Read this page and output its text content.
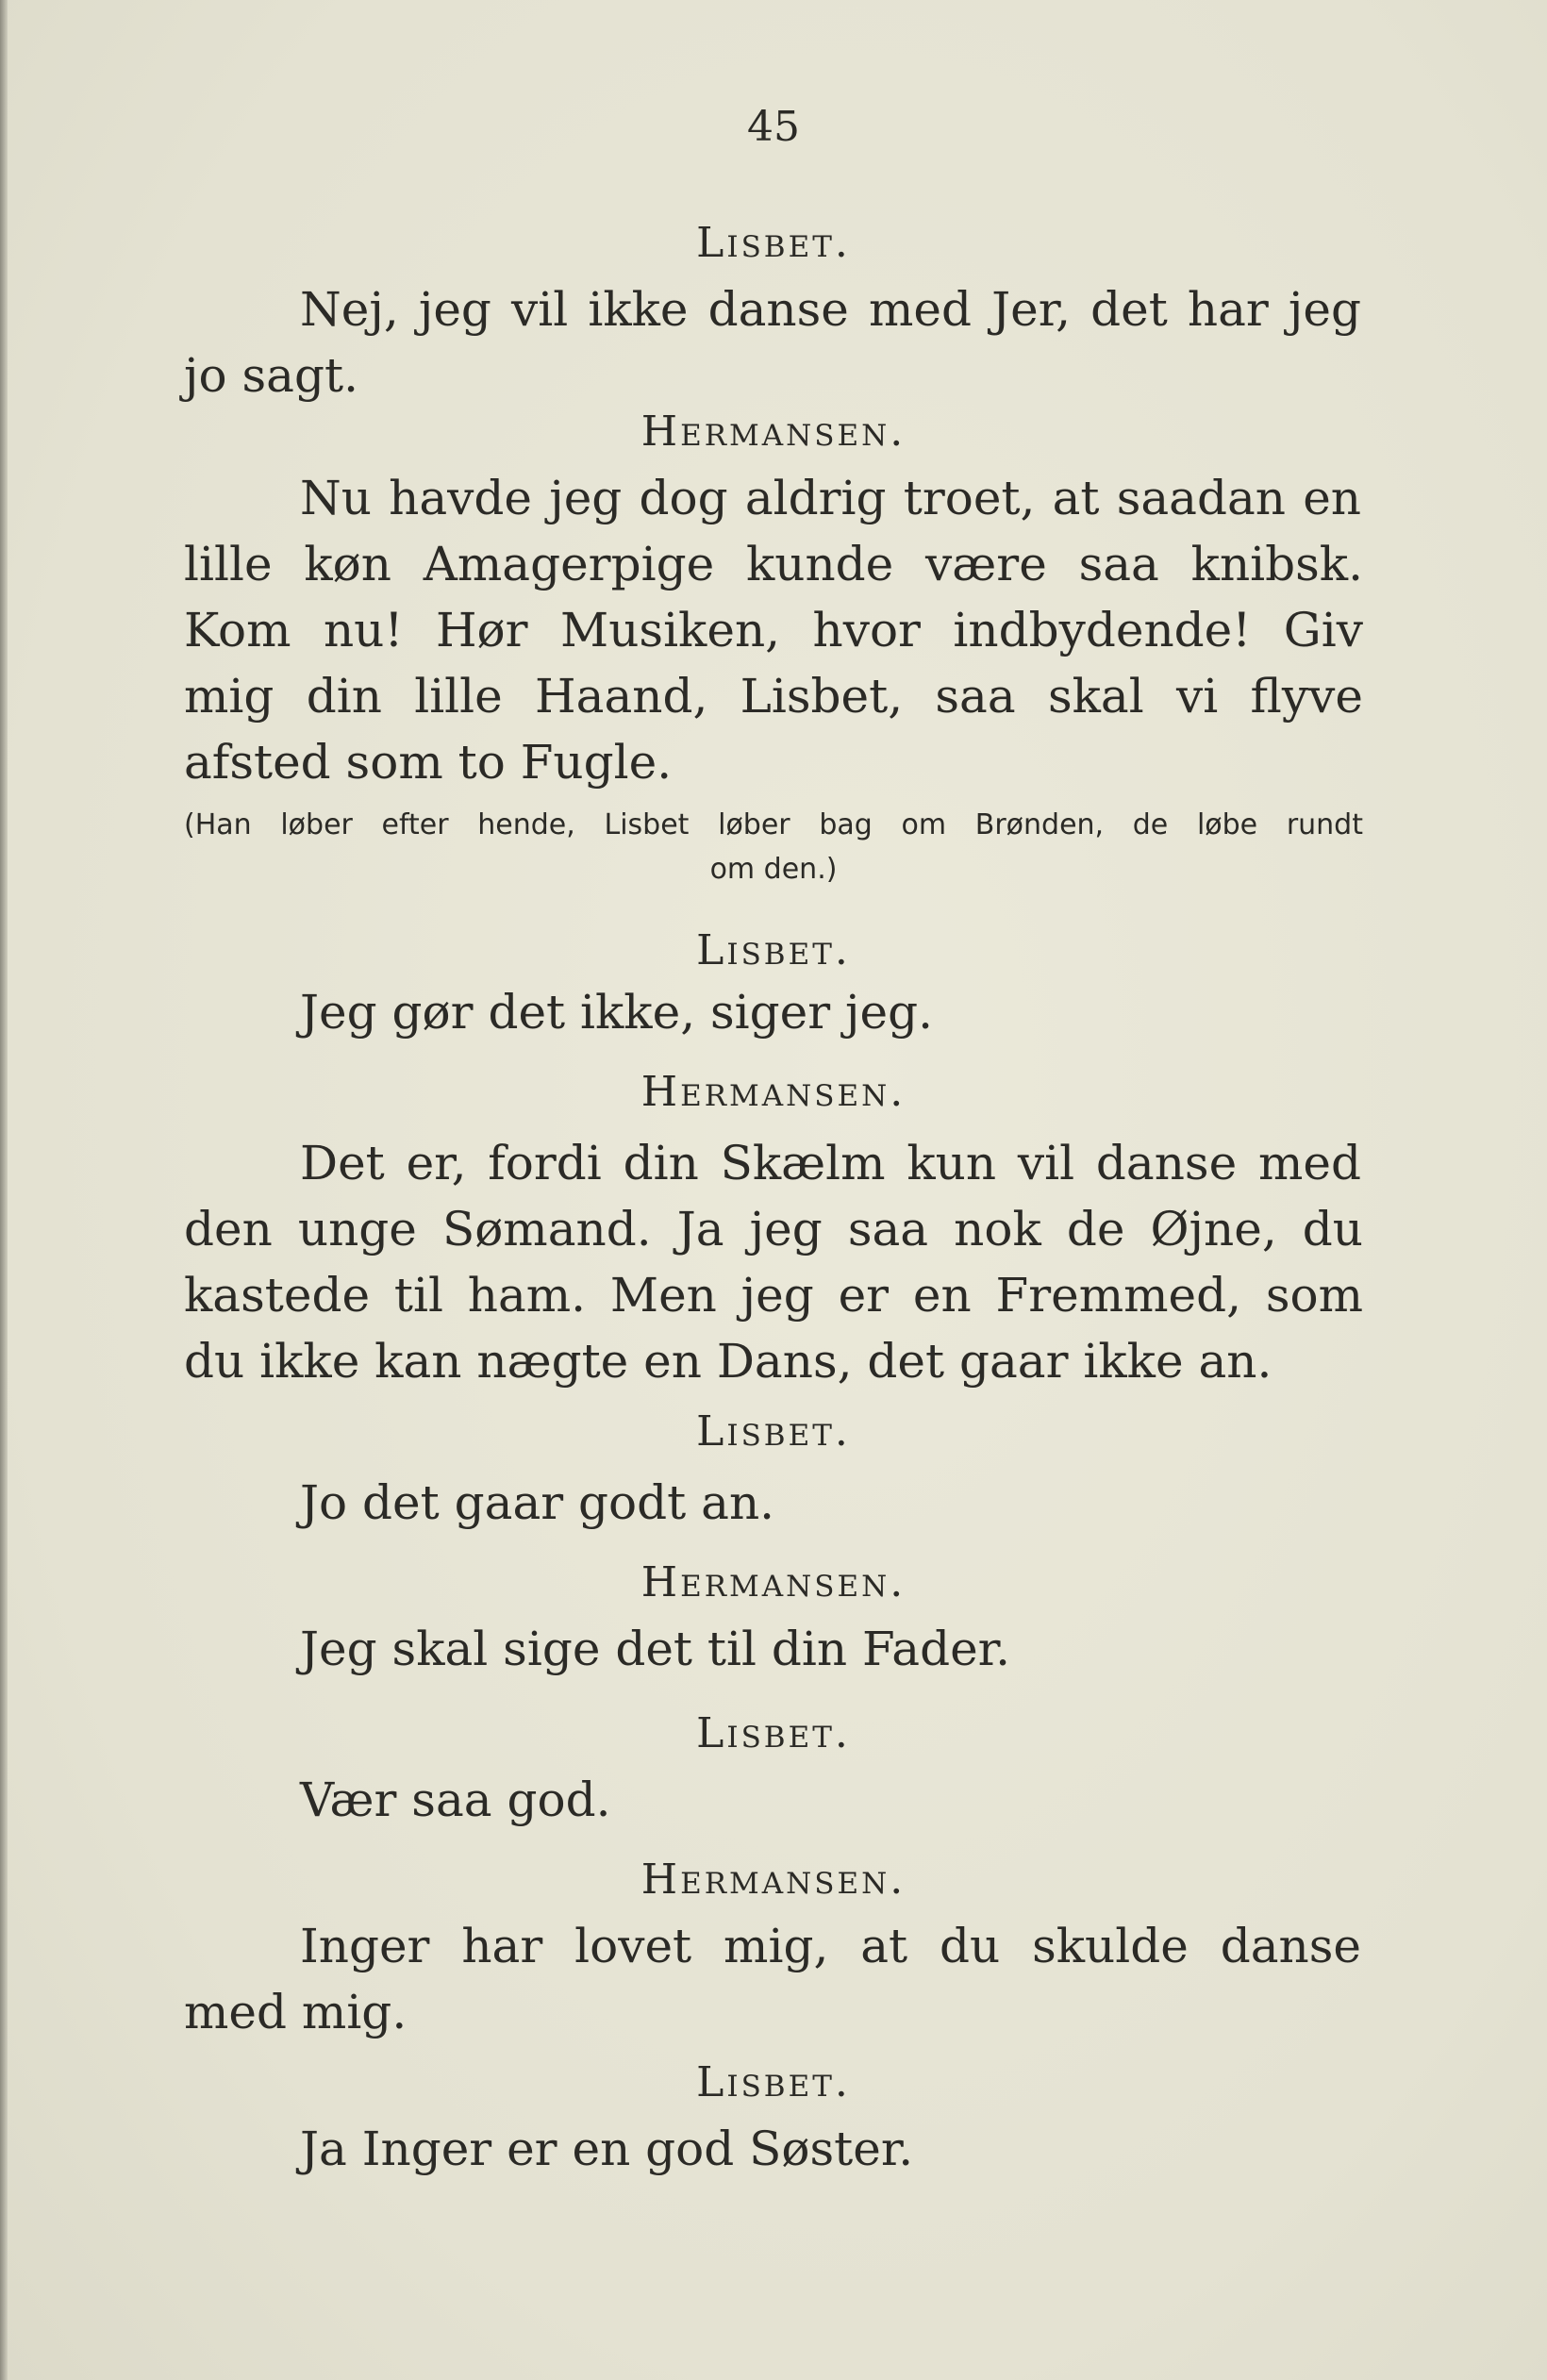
45
Lisbet.
Nej, jeg vil ikke danse med Jer, det har jeg
jo sagt.
Hermansen.
Nu havde jeg dog aldrig troet, at saadan en
lille køn Amagerpige kunde være saa knibsk.
Kom nu! Hør Musiken, hvor indbydende! Giv
mig din lille Haand, Lisbet, saa skal vi flyve
afsted som to Fugle.
(Han løber efter hende, Lisbet løber bag om Brønden, de løbe rundt
om den.)
Lisbet.
Jeg gør det ikke, siger jeg.
Hermansen.
Det er, fordi din Skælm kun vil danse med
den unge Sømand. Ja jeg saa nok de Øjne, du
kastede til ham. Men jeg er en Fremmed, som
du ikke kan nægte en Dans, det gaar ikke an.
Lisbet.
Jo det gaar godt an.
Hermansen.
Jeg skal sige det til din Fader.
Lisbet.
Vær saa god.
Hermansen.
Inger har lovet mig, at du skulde danse
med mig.
Lisbet.
Ja Inger er en god Søster.
